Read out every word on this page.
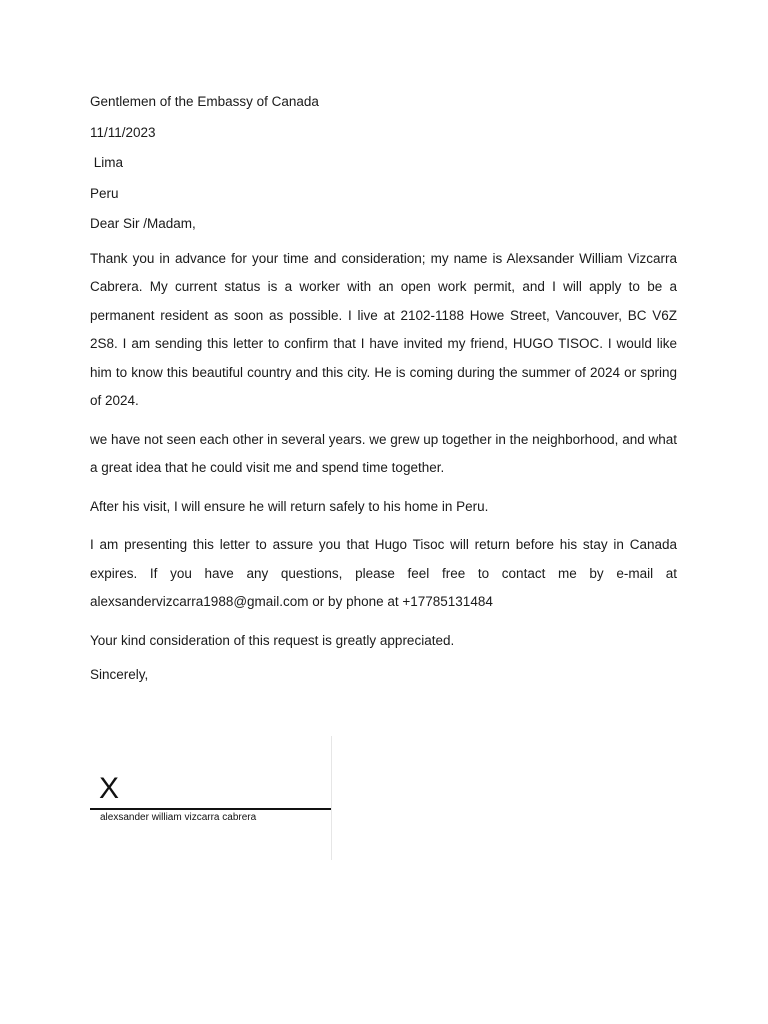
Gentlemen of the Embassy of Canada
11/11/2023
Lima
Peru
Dear Sir /Madam,

Thank you in advance for your time and consideration; my name is Alexsander William Vizcarra Cabrera. My current status is a worker with an open work permit, and I will apply to be a permanent resident as soon as possible. I live at 2102-1188 Howe Street, Vancouver, BC V6Z 2S8. I am sending this letter to confirm that I have invited my friend, HUGO TISOC. I would like him to know this beautiful country and this city. He is coming during the summer of 2024 or spring of 2024.

we have not seen each other in several years. we grew up together in the neighborhood, and what a great idea that he could visit me and spend time together.

After his visit, I will ensure he will return safely to his home in Peru.

I am presenting this letter to assure you that Hugo Tisoc will return before his stay in Canada expires. If you have any questions, please feel free to contact me by e-mail at alexsandervizcarra1988@gmail.com or by phone at +17785131484

Your kind consideration of this request is greatly appreciated.

Sincerely,

X
alexsander william vizcarra cabrera
